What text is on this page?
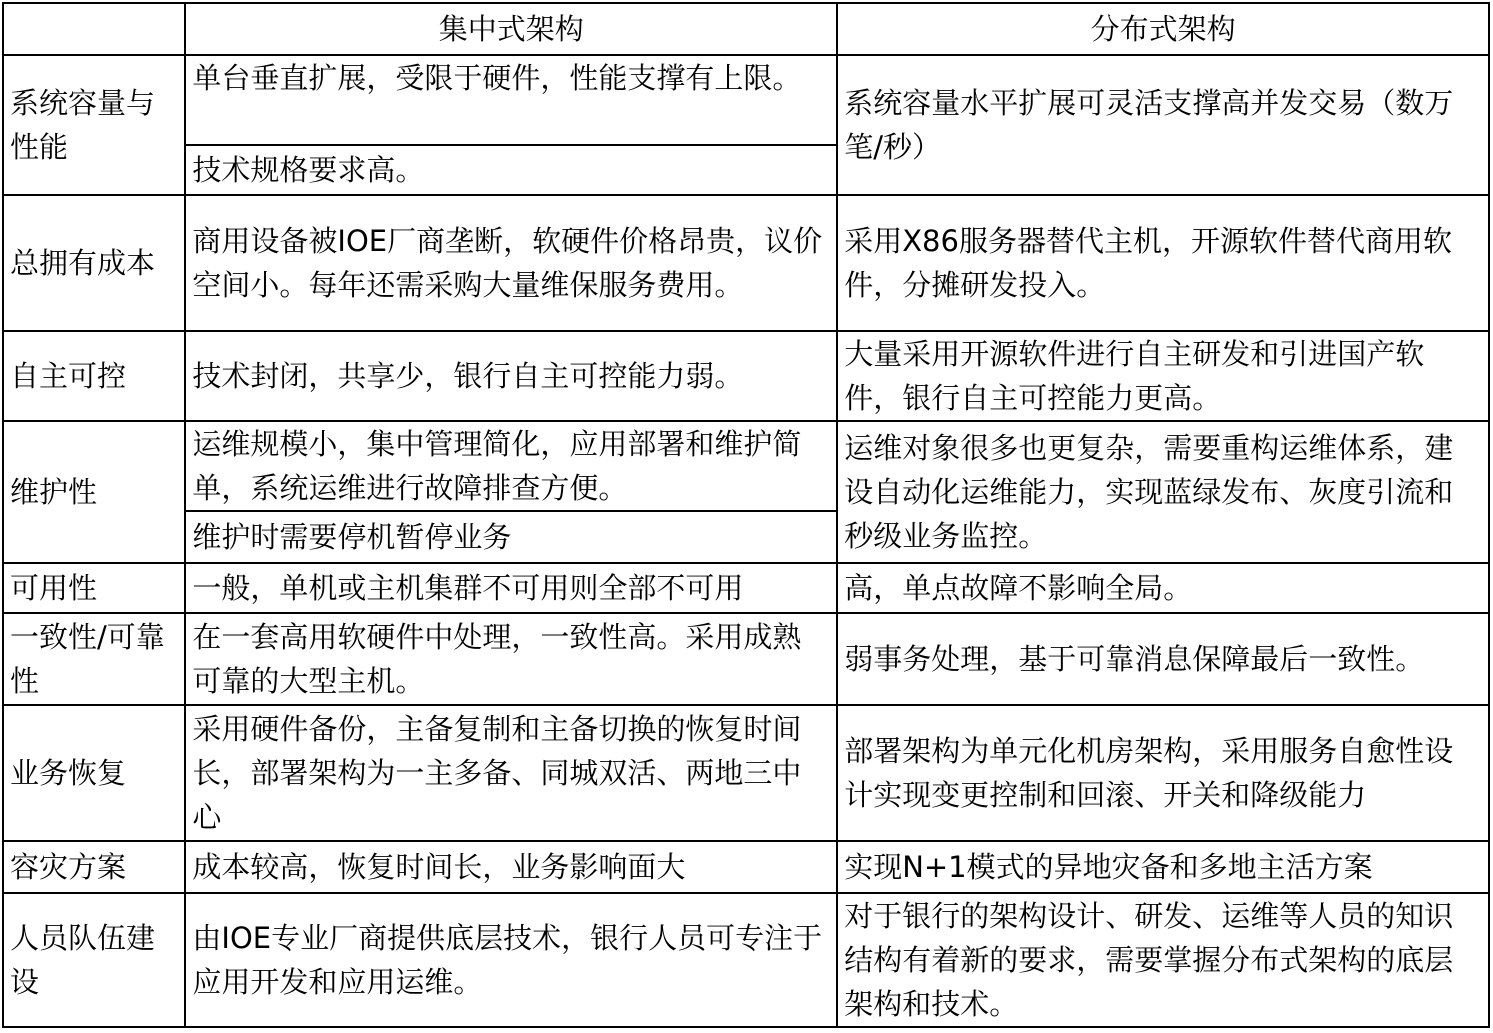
	集中式架构	分布式架构
系统容量与性能	单台垂直扩展，受限于硬件，性能支撑有上限。	系统容量水平扩展可灵活支撑高并发交易（数万笔/秒）
	技术规格要求高。	
总拥有成本	商用设备被IOE厂商垄断，软硬件价格昂贵，议价空间小。每年还需采购大量维保服务费用。	采用X86服务器替代主机，开源软件替代商用软件，分摊研发投入。
自主可控	技术封闭，共享少，银行自主可控能力弱。	大量采用开源软件进行自主研发和引进国产软件，银行自主可控能力更高。
维护性	运维规模小，集中管理简化，应用部署和维护简单，系统运维进行故障排查方便。	运维对象很多也更复杂，需要重构运维体系，建设自动化运维能力，实现蓝绿发布、灰度引流和秒级业务监控。
	维护时需要停机暂停业务	
可用性	一般，单机或主机集群不可用则全部不可用	高，单点故障不影响全局。
一致性/可靠性	在一套高用软硬件中处理，一致性高。采用成熟可靠的大型主机。	弱事务处理，基于可靠消息保障最后一致性。
业务恢复	采用硬件备份，主备复制和主备切换的恢复时间长，部署架构为一主多备、同城双活、两地三中心	部署架构为单元化机房架构，采用服务自愈性设计实现变更控制和回滚、开关和降级能力
容灾方案	成本较高，恢复时间长，业务影响面大	实现N+1模式的异地灾备和多地主活方案
人员队伍建设	由IOE专业厂商提供底层技术，银行人员可专注于应用开发和应用运维。	对于银行的架构设计、研发、运维等人员的知识结构有着新的要求，需要掌握分布式架构的底层架构和技术。
